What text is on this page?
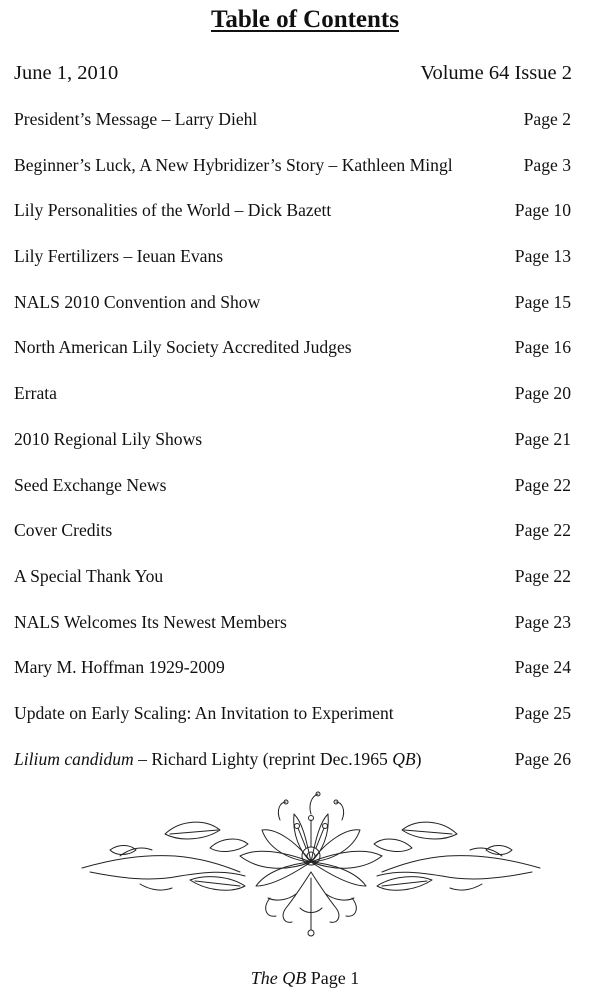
Table of Contents
June 1, 2010	Volume 64 Issue 2
President’s Message – Larry Diehl	Page 2
Beginner’s Luck, A New Hybridizer’s Story – Kathleen Mingl	Page 3
Lily Personalities of the World – Dick Bazett	Page 10
Lily Fertilizers – Ieuan Evans	Page 13
NALS 2010 Convention and Show	Page 15
North American Lily Society Accredited Judges	Page 16
Errata	Page 20
2010 Regional Lily Shows	Page 21
Seed Exchange News	Page 22
Cover Credits	Page 22
A Special Thank You	Page 22
NALS Welcomes Its Newest Members	Page 23
Mary M. Hoffman 1929-2009	Page 24
Update on Early Scaling: An Invitation to Experiment	Page 25
Lilium candidum – Richard Lighty (reprint Dec.1965 QB)	Page 26
The QB Page 1
